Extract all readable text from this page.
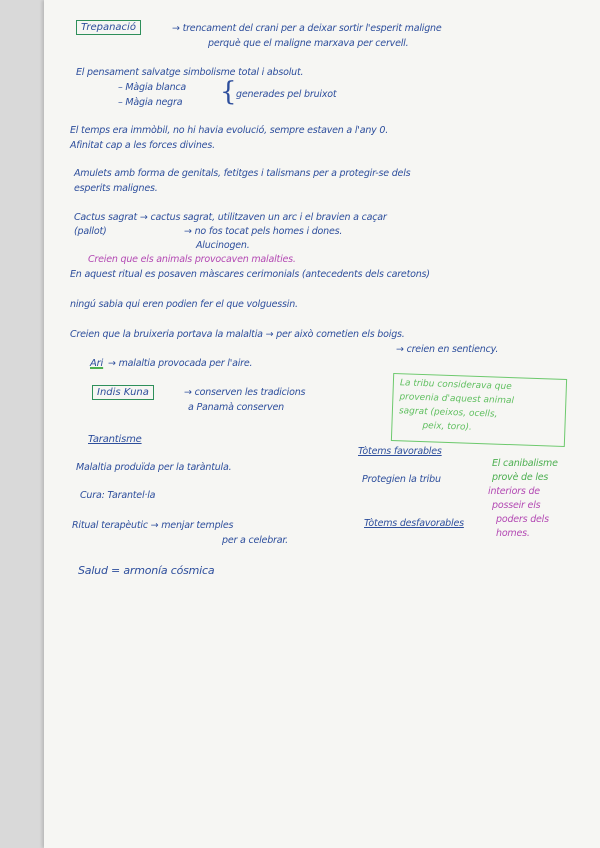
Trepanació	→ trencament del crani per a deixar sortir l'esperit maligne
perquè que el maligne marxava per cervell.
El pensament salvatge simbolisme total i absolut.
– Màgia blanca
– Màgia negra { generades pel bruixot
El temps era immòbil, no hi havia evolució, sempre estaven a l'any 0.
Afinitat cap a les forces divines.
Amulets amb forma de genitals, fetitges i talismans per a protegir-se dels
esperits malignes.
Cactus sagrat → cactus sagrat, utilitzaven un arc i el bravien a caçar
(pallot)	→ no fos tocat pels homes i dones.
Alucinogen.
Creien que els animals provocaven malalties.
En aquest ritual es posaven màscares cerimonials (antecedents dels caretons)
ningú sabia qui eren podien fer el que volguessin.
Creien que la bruixeria portava la malaltia → per això cometien els boigs.
→ creien en sentiency.
Ari → malaltia provocada per l'aire.
Indis Kuna	→ conserven les tradicions
a Panamà conserven
La tribu considerava que
provenia d'aquest animal
sagrat (peixos, ocells,
peix, toro).
Tarantisme
Malaltia produïda per la taràntula.
Cura: Tarantel·la
Ritual terapèutic → menjar temples
per a celebrar.
Tòtems favorables
Protegien la tribu
Tòtems desfavorables
El canibalisme
provè de les
interiors de
posseir els
poders dels
homes.
Salud = armonía cósmica
